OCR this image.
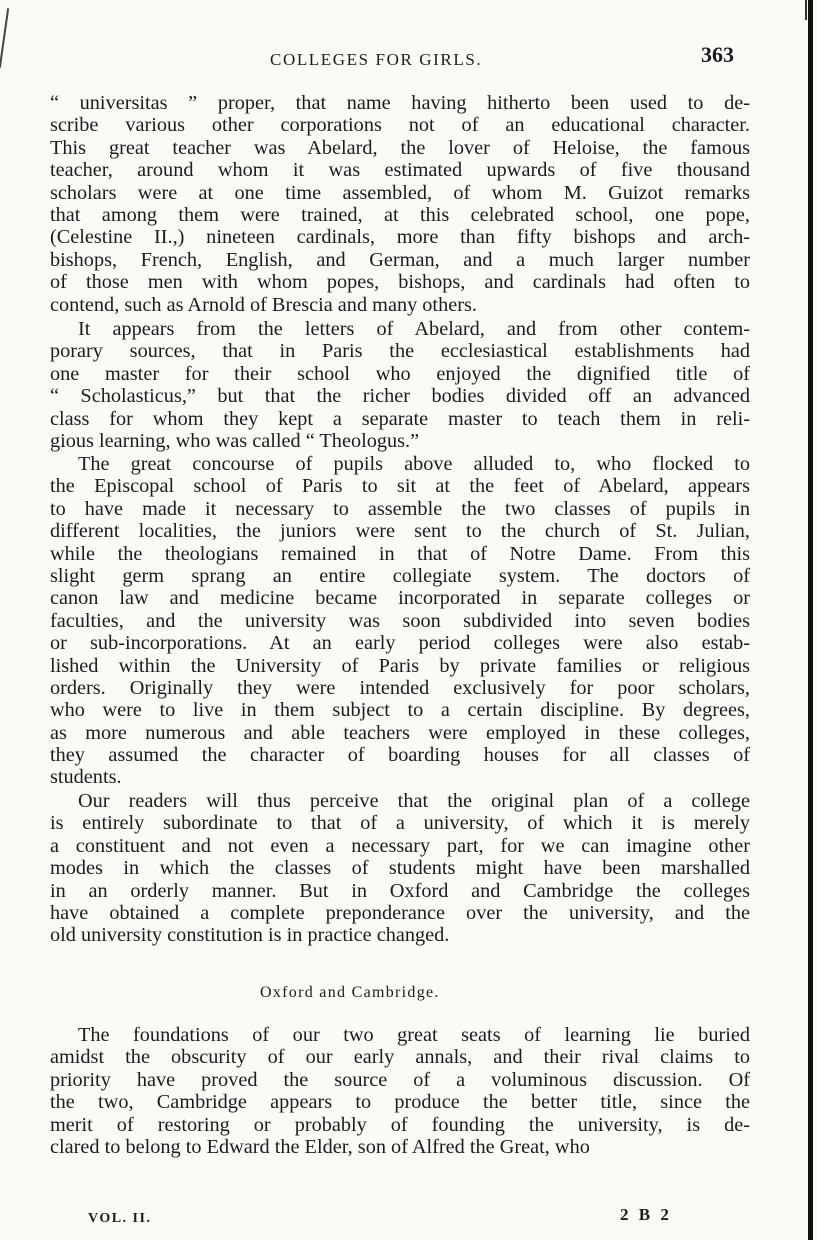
COLLEGES FOR GIRLS.	363
“ universitas ” proper, that name having hitherto been used to de-
scribe various other corporations not of an educational character.
This great teacher was Abelard, the lover of Heloise, the famous
teacher, around whom it was estimated upwards of five thousand
scholars were at one time assembled, of whom M. Guizot remarks
that among them were trained, at this celebrated school, one pope,
(Celestine II.,) nineteen cardinals, more than fifty bishops and arch-
bishops, French, English, and German, and a much larger number
of those men with whom popes, bishops, and cardinals had often to
contend, such as Arnold of Brescia and many others.
It appears from the letters of Abelard, and from other contem-
porary sources, that in Paris the ecclesiastical establishments had
one master for their school who enjoyed the dignified title of
“ Scholasticus,” but that the richer bodies divided off an advanced
class for whom they kept a separate master to teach them in reli-
gious learning, who was called “ Theologus.”
The great concourse of pupils above alluded to, who flocked to
the Episcopal school of Paris to sit at the feet of Abelard, appears
to have made it necessary to assemble the two classes of pupils in
different localities, the juniors were sent to the church of St. Julian,
while the theologians remained in that of Notre Dame. From this
slight germ sprang an entire collegiate system. The doctors of
canon law and medicine became incorporated in separate colleges or
faculties, and the university was soon subdivided into seven bodies
or sub-incorporations. At an early period colleges were also estab-
lished within the University of Paris by private families or religious
orders. Originally they were intended exclusively for poor scholars,
who were to live in them subject to a certain discipline. By degrees,
as more numerous and able teachers were employed in these colleges,
they assumed the character of boarding houses for all classes of
students.
Our readers will thus perceive that the original plan of a college
is entirely subordinate to that of a university, of which it is merely
a constituent and not even a necessary part, for we can imagine other
modes in which the classes of students might have been marshalled
in an orderly manner. But in Oxford and Cambridge the colleges
have obtained a complete preponderance over the university, and the
old university constitution is in practice changed.
Oxford and Cambridge.
The foundations of our two great seats of learning lie buried
amidst the obscurity of our early annals, and their rival claims to
priority have proved the source of a voluminous discussion. Of
the two, Cambridge appears to produce the better title, since the
merit of restoring or probably of founding the university, is de-
clared to belong to Edward the Elder, son of Alfred the Great, who
VOL. II.	2 B 2
